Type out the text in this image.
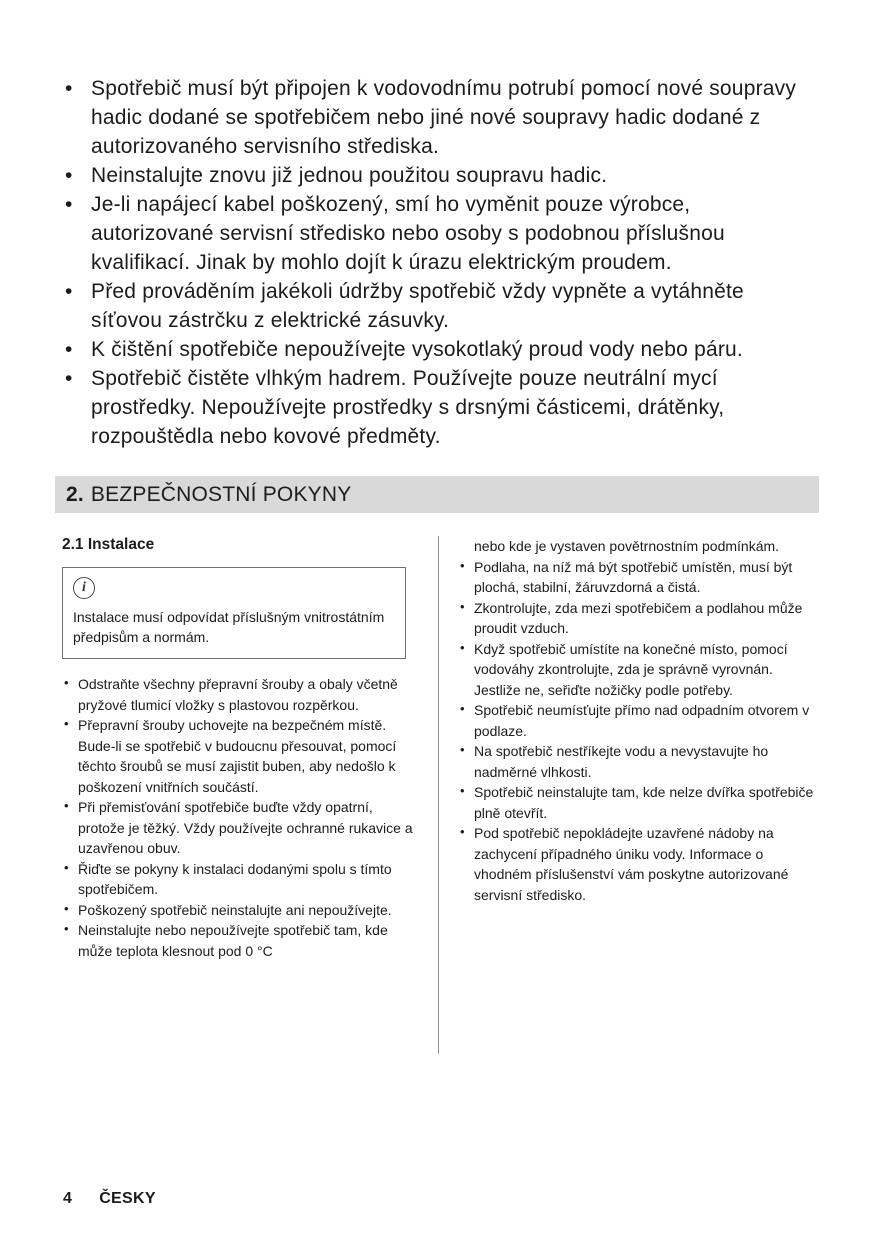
• Spotřebič musí být připojen k vodovodnímu potrubí pomocí nové soupravy hadic dodané se spotřebičem nebo jiné nové soupravy hadic dodané z autorizovaného servisního střediska.
• Neinstalujte znovu již jednou použitou soupravu hadic.
• Je-li napájecí kabel poškozený, smí ho vyměnit pouze výrobce, autorizované servisní středisko nebo osoby s podobnou příslušnou kvalifikací. Jinak by mohlo dojít k úrazu elektrickým proudem.
• Před prováděním jakékoli údržby spotřebič vždy vypněte a vytáhněte síťovou zástrčku z elektrické zásuvky.
• K čištění spotřebiče nepoužívejte vysokotlaký proud vody nebo páru.
• Spotřebič čistěte vlhkým hadrem. Používejte pouze neutrální mycí prostředky. Nepoužívejte prostředky s drsnými částicemi, drátěnky, rozpouštědla nebo kovové předměty.
2. BEZPEČNOSTNÍ POKYNY
2.1 Instalace
i

Instalace musí odpovídat příslušným vnitrostátním předpisům a normám.

• Odstraňte všechny přepravní šrouby a obaly včetně pryžové tlumicí vložky s plastovou rozpěrkou.
• Přepravní šrouby uchovejte na bezpečném místě. Bude-li se spotřebič v budoucnu přesouvat, pomocí těchto šroubů se musí zajistit buben, aby nedošlo k poškození vnitřních součástí.
• Při přemisťování spotřebiče buďte vždy opatrní, protože je těžký. Vždy používejte ochranné rukavice a uzavřenou obuv.
• Řiďte se pokyny k instalaci dodanými spolu s tímto spotřebičem.
• Poškozený spotřebič neinstalujte ani nepoužívejte.
• Neinstalujte nebo nepoužívejte spotřebič tam, kde může teplota klesnout pod 0 °C

nebo kde je vystaven povětrnostním podmínkám.

• Podlaha, na níž má být spotřebič umístěn, musí být plochá, stabilní, žáruvzdorná a čistá.
• Zkontrolujte, zda mezi spotřebičem a podlahou může proudit vzduch.
• Když spotřebič umístíte na konečné místo, pomocí vodováhy zkontrolujte, zda je správně vyrovnán. Jestliže ne, seřiďte nožičky podle potřeby.
• Spotřebič neumísťujte přímo nad odpadním otvorem v podlaze.
• Na spotřebič nestříkejte vodu a nevystavujte ho nadměrné vlhkosti.
• Spotřebič neinstalujte tam, kde nelze dvířka spotřebiče plně otevřít.
• Pod spotřebič nepokládejte uzavřené nádoby na zachycení případného úniku vody. Informace o vhodném příslušenství vám poskytne autorizované servisní středisko.
4 ČESKY
